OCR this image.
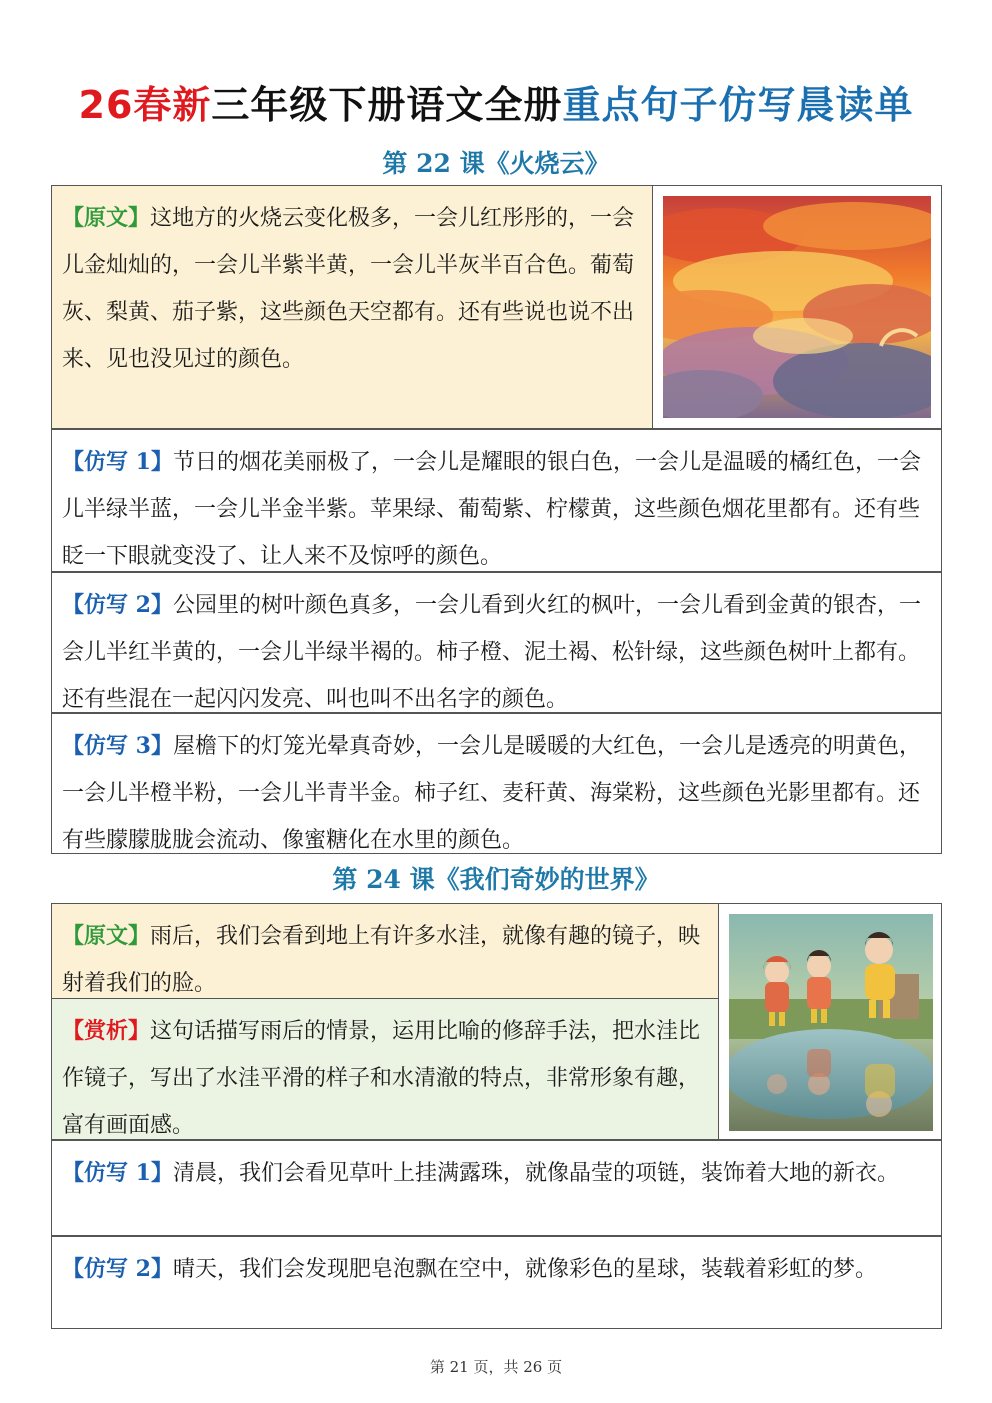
26春新三年级下册语文全册重点句子仿写晨读单
第 22 课《火烧云》

【原文】这地方的火烧云变化极多，一会儿红彤彤的，一会儿金灿灿的，一会儿半紫半黄，一会儿半灰半百合色。葡萄灰、梨黄、茄子紫，这些颜色天空都有。还有些说也说不出来、见也没见过的颜色。

【仿写 1】节日的烟花美丽极了，一会儿是耀眼的银白色，一会儿是温暖的橘红色，一会儿半绿半蓝，一会儿半金半紫。苹果绿、葡萄紫、柠檬黄，这些颜色烟花里都有。还有些眨一下眼就变没了、让人来不及惊呼的颜色。

【仿写 2】公园里的树叶颜色真多，一会儿看到火红的枫叶，一会儿看到金黄的银杏，一会儿半红半黄的，一会儿半绿半褐的。柿子橙、泥土褐、松针绿，这些颜色树叶上都有。还有些混在一起闪闪发亮、叫也叫不出名字的颜色。

【仿写 3】屋檐下的灯笼光晕真奇妙，一会儿是暖暖的大红色，一会儿是透亮的明黄色，一会儿半橙半粉，一会儿半青半金。柿子红、麦秆黄、海棠粉，这些颜色光影里都有。还有些朦朦胧胧会流动、像蜜糖化在水里的颜色。

第 24 课《我们奇妙的世界》

【原文】雨后，我们会看到地上有许多水洼，就像有趣的镜子，映射着我们的脸。

【赏析】这句话描写雨后的情景，运用比喻的修辞手法，把水洼比作镜子，写出了水洼平滑的样子和水清澈的特点，非常形象有趣，富有画面感。

【仿写 1】清晨，我们会看见草叶上挂满露珠，就像晶莹的项链，装饰着大地的新衣。

【仿写 2】晴天，我们会发现肥皂泡飘在空中，就像彩色的星球，装载着彩虹的梦。

第 21 页，共 26 页
